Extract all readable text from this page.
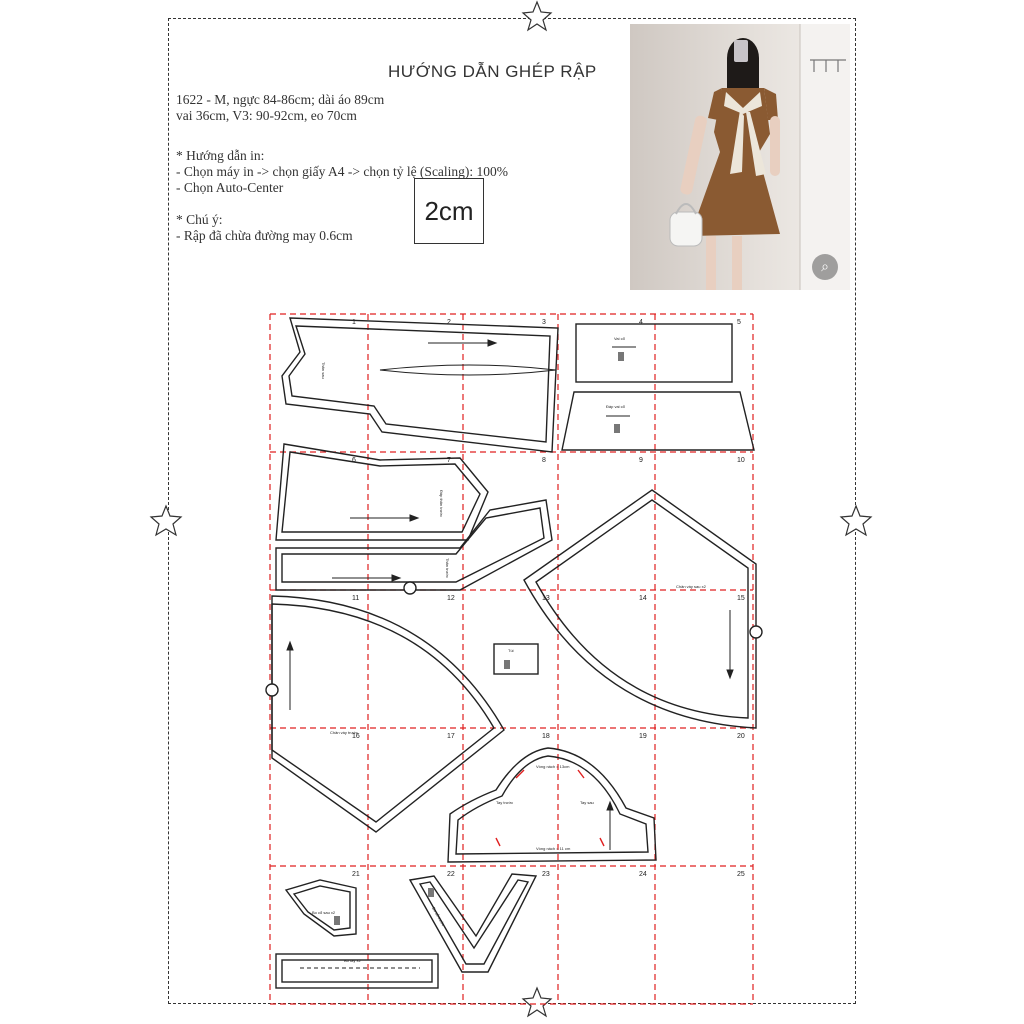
HƯỚNG DẪN GHÉP RẬP
1622 - M, ngực 84-86cm; dài áo 89cm
vai 36cm, V3: 90-92cm, eo 70cm
* Hướng dẫn in:
- Chọn máy in -> chọn giấy A4 -> chọn tỷ lệ (Scaling): 100%
- Chọn Auto-Center
* Chú ý:
- Rập đã chừa đường may 0.6cm
2cm
⌕
1	2	3	4	5
6	7	8	9	10
11	12	13	14	15
16	17	18	19	20
21	22	23	24	25
Thân sau
Vai cổ
Đáp vai cổ
Đáp thân trước
Thân trước
Chân váy sau x2
Chân váy trước
Túi
Tay trước	Tay sau
Vòng nách = 13cm
Vòng nách = 11 cm
Bo cổ sau x2	Bo cổ trước
Bo tay x2
